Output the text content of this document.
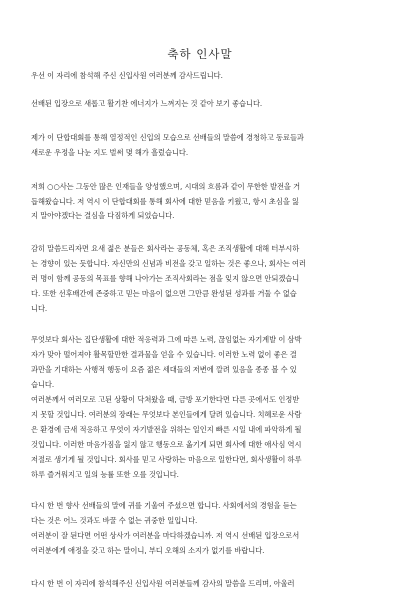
축하 인사말
우선 이 자리에 참석해 주신 신입사원 여러분께 감사드립니다.
선배된 입장으로 새롭고 활기찬 에너지가 느껴지는 것 같아 보기 좋습니다.
제가 이 단합대회를 통해 열정적인 신입의 모습으로 선배들의 말씀에 경청하고 동료들과
새로운 우정을 나눈 지도 벌써 몇 해가 흘렀습니다.
저희 ○○사는 그동안 많은 인재들을 양성했으며, 시대의 흐름과 같이 무한한 발전을 거
듭해왔습니다. 저 역시 이 단합대회를 통해 회사에 대한 믿음을 키웠고, 항시 초심을 잃
지 말아야겠다는 결심을 다짐하게 되었습니다.
감히 말씀드리자면 요새 젊은 분들은 회사라는 공동체, 혹은 조직생활에 대해 터부시하
는 경향이 있는 듯합니다. 자신만의 신념과 비전을 갖고 일하는 것은 좋으나, 회사는 여러
러 명이 함께 공동의 목표를 향해 나아가는 조직사회라는 점을 잊지 않으면 안되겠습니
다. 또한 선후배간에 존중하고 믿는 마음이 없으면 그만큼 완성된 성과를 거둘 수 없습
니다.
무엇보다 회사는 집단생활에 대한 적응력과 그에 따른 노력, 끊임없는 자기계발 이 삼박
자가 맞아 떨어져야 활목할만한 결과물을 얻을 수 있습니다. 이러한 노력 없이 좋은 결
과만을 기대하는 사행적 행동이 요즘 젊은 세대들의 저변에 깔려 있음을 종종 볼 수 있
습니다.
여러분께서 여러모로 고된 상황이 닥쳐왔을 때, 금방 포기한다면 다른 곳에서도 인정받
지 못할 것입니다. 여러분의 장래는 무엇보다 본인들에게 달려 있습니다. 치혜로운 사람
은 환경에 금새 적응하고 무엇이 자기발전을 위하는 일인지 빠른 시일 내에 파악하게 될
것입니다. 이러한 마음가짐을 잃지 않고 행동으로 옮기게 되면 회사에 대한 애사심 역시
저절로 생기게 될 것입니다. 회사를 믿고 사랑하는 마음으로 일한다면, 회사생활이 하루
하루 즐거워지고 일의 능률 또한 오를 것입니다.
다시 한 번 향사 선배들의 말에 귀를 기울여 주셨으면 합니다. 사회에서의 경험을 듣는
다는 것은 어느 것과도 바꿀 수 없는 귀중한 일입니다.
여러분이 잘 된다면 어떤 상사가 여러분을 마다하겠습니까. 저 역시 선배된 입장으로서
여러분에게 애정을 갖고 하는 말이니, 부디 오해의 소지가 없기를 바랍니다.
다시 한 번 이 자리에 참석해주신 신입사원 여러분들께 감사의 말씀을 드리며, 아울러
